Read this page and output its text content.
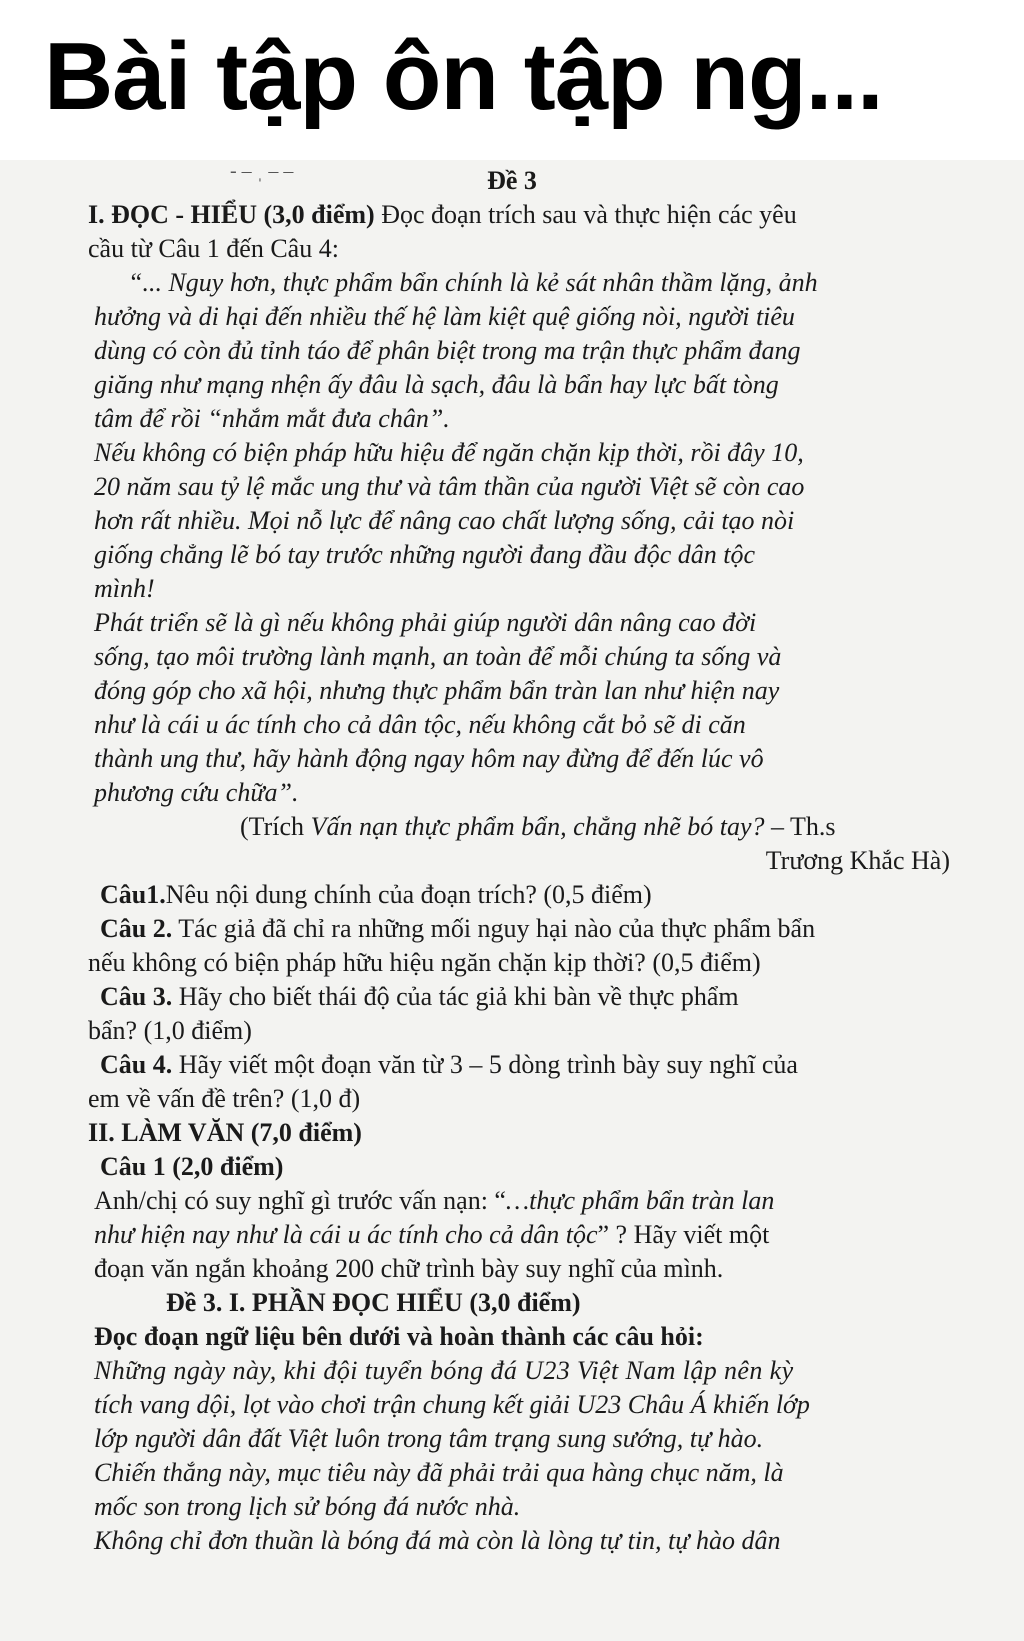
Bài tập ôn tập ng...
- ‒ ˌ ‒ ‒	Đề 3
I. ĐỌC - HIỂU (3,0 điểm) Đọc đoạn trích sau và thực hiện các yêu
cầu từ Câu 1 đến Câu 4:
“... Nguy hơn, thực phẩm bẩn chính là kẻ sát nhân thầm lặng, ảnh
hưởng và di hại đến nhiều thế hệ làm kiệt quệ giống nòi, người tiêu
dùng có còn đủ tỉnh táo để phân biệt trong ma trận thực phẩm đang
giăng như mạng nhện ấy đâu là sạch, đâu là bẩn hay lực bất tòng
tâm để rồi “nhắm mắt đưa chân”.
Nếu không có biện pháp hữu hiệu để ngăn chặn kịp thời, rồi đây 10,
20 năm sau tỷ lệ mắc ung thư và tâm thần của người Việt sẽ còn cao
hơn rất nhiều. Mọi nỗ lực để nâng cao chất lượng sống, cải tạo nòi
giống chẳng lẽ bó tay trước những người đang đầu độc dân tộc
mình!
Phát triển sẽ là gì nếu không phải giúp người dân nâng cao đời
sống, tạo môi trường lành mạnh, an toàn để mỗi chúng ta sống và
đóng góp cho xã hội, nhưng thực phẩm bẩn tràn lan như hiện nay
như là cái u ác tính cho cả dân tộc, nếu không cắt bỏ sẽ di căn
thành ung thư, hãy hành động ngay hôm nay đừng để đến lúc vô
phương cứu chữa”.
(Trích Vấn nạn thực phẩm bẩn, chẳng nhẽ bó tay? – Th.s
Trương Khắc Hà)
Câu1.Nêu nội dung chính của đoạn trích? (0,5 điểm)
Câu 2. Tác giả đã chỉ ra những mối nguy hại nào của thực phẩm bẩn
nếu không có biện pháp hữu hiệu ngăn chặn kịp thời? (0,5 điểm)
Câu 3. Hãy cho biết thái độ của tác giả khi bàn về thực phẩm
bẩn? (1,0 điểm)
Câu 4. Hãy viết một đoạn văn từ 3 – 5 dòng trình bày suy nghĩ của
em về vấn đề trên? (1,0 đ)
II. LÀM VĂN (7,0 điểm)
Câu 1 (2,0 điểm)
Anh/chị có suy nghĩ gì trước vấn nạn: “…thực phẩm bẩn tràn lan
như hiện nay như là cái u ác tính cho cả dân tộc” ? Hãy viết một
đoạn văn ngắn khoảng 200 chữ trình bày suy nghĩ của mình.
Đề 3. I. PHẦN ĐỌC HIỂU (3,0 điểm)
Đọc đoạn ngữ liệu bên dưới và hoàn thành các câu hỏi:
Những ngày này, khi đội tuyển bóng đá U23 Việt Nam lập nên kỳ
tích vang dội, lọt vào chơi trận chung kết giải U23 Châu Á khiến lớp
lớp người dân đất Việt luôn trong tâm trạng sung sướng, tự hào.
Chiến thắng này, mục tiêu này đã phải trải qua hàng chục năm, là
mốc son trong lịch sử bóng đá nước nhà.
Không chỉ đơn thuần là bóng đá mà còn là lòng tự tin, tự hào dân
